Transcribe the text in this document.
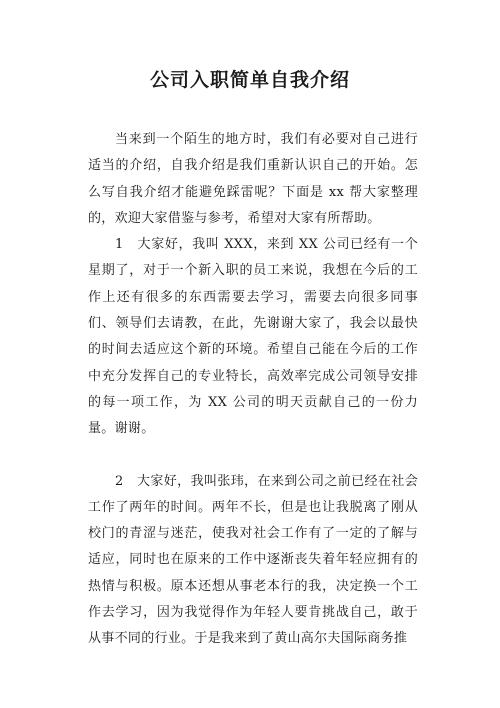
公司入职简单自我介绍

当来到一个陌生的地方时，我们有必要对自己进行适当的介绍，自我介绍是我们重新认识自己的开始。怎么写自我介绍才能避免踩雷呢？下面是 xx 帮大家整理的，欢迎大家借鉴与参考，希望对大家有所帮助。

1　大家好，我叫 XXX，来到 XX 公司已经有一个星期了，对于一个新入职的员工来说，我想在今后的工作上还有很多的东西需要去学习，需要去向很多同事们、领导们去请教，在此，先谢谢大家了，我会以最快的时间去适应这个新的环境。希望自己能在今后的工作中充分发挥自己的专业特长，高效率完成公司领导安排的每一项工作，为 XX 公司的明天贡献自己的一份力量。谢谢。

2　大家好，我叫张玮，在来到公司之前已经在社会工作了两年的时间。两年不长，但是也让我脱离了刚从校门的青涩与迷茫，使我对社会工作有了一定的了解与适应，同时也在原来的工作中逐渐丧失着年轻应拥有的热情与积极。原本还想从事老本行的我，决定换一个工作去学习，因为我觉得作为年轻人要肯挑战自己，敢于从事不同的行业。于是我来到了黄山高尔夫国际商务推
